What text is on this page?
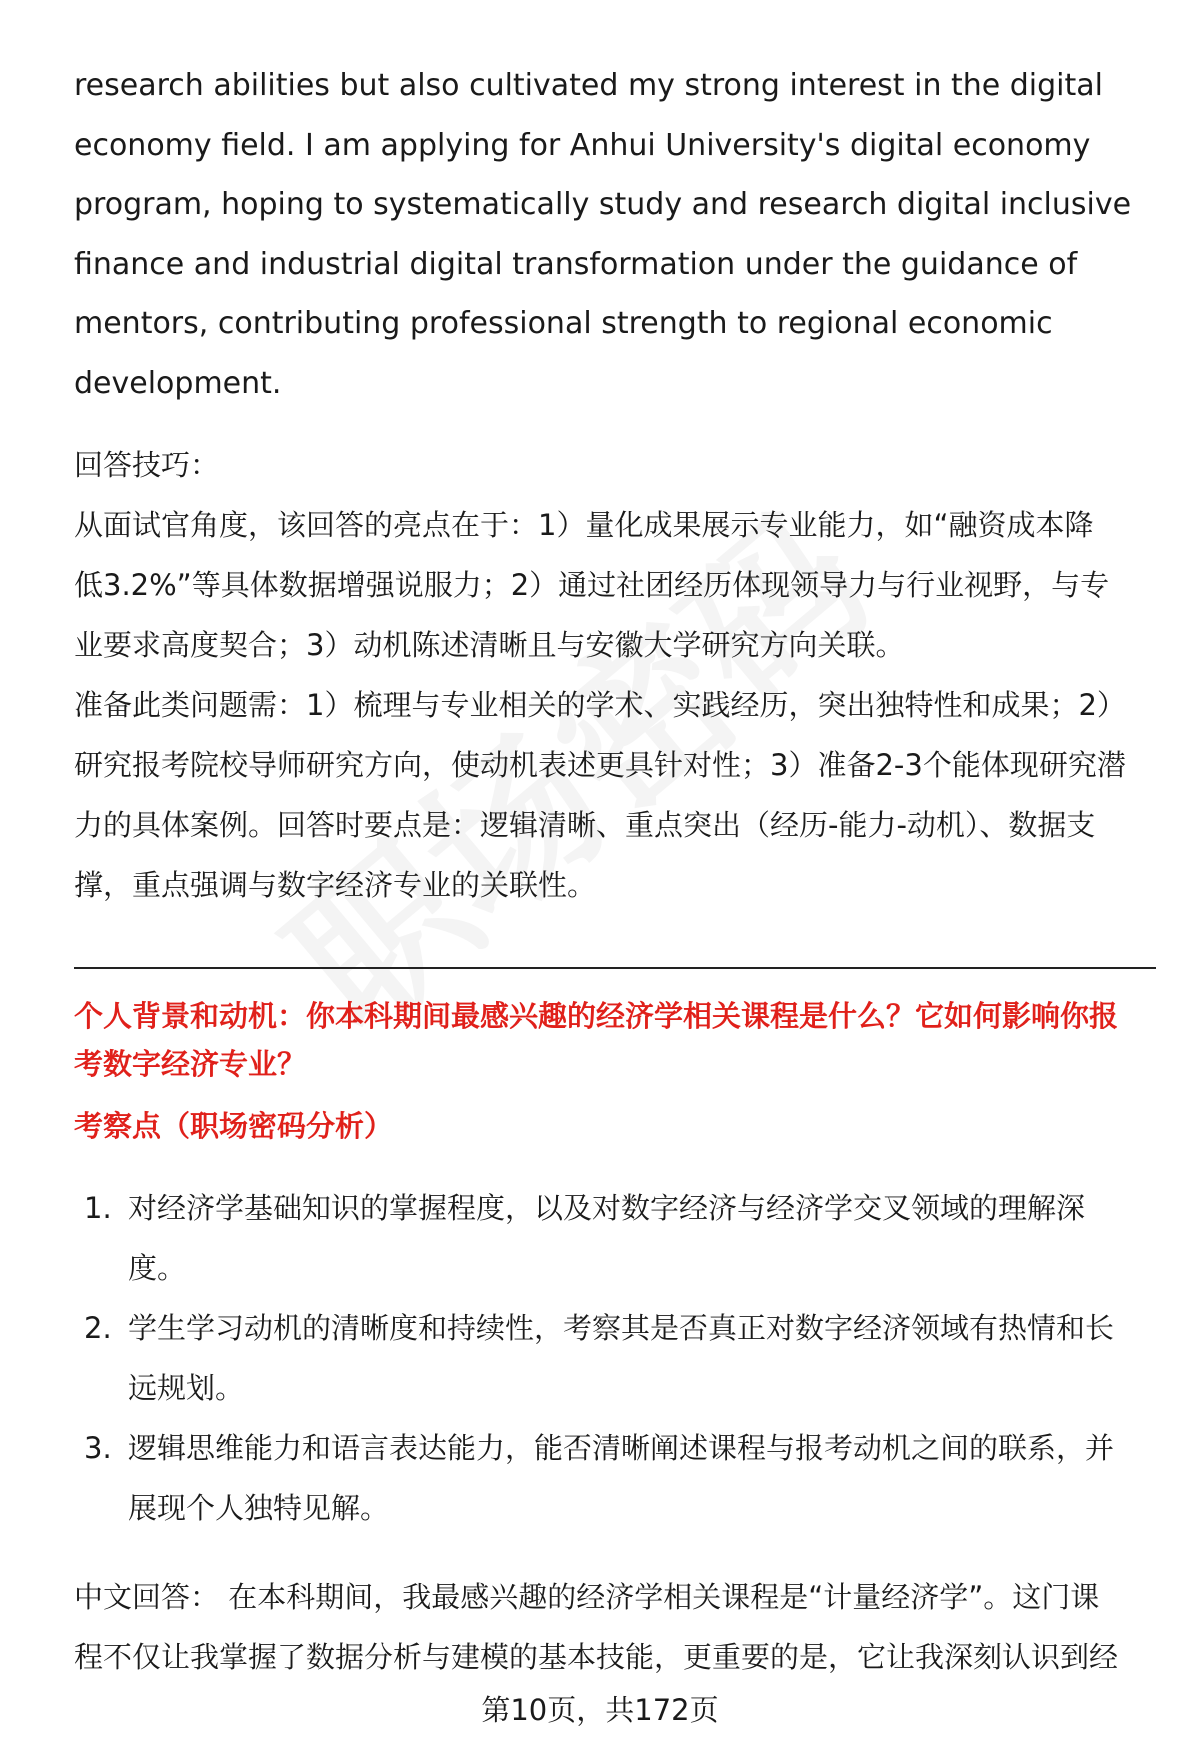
research abilities but also cultivated my strong interest in the digital
economy field. I am applying for Anhui University's digital economy
program, hoping to systematically study and research digital inclusive
finance and industrial digital transformation under the guidance of
mentors, contributing professional strength to regional economic
development.

回答技巧：
从面试官角度，该回答的亮点在于：1）量化成果展示专业能力，如“融资成本降
低3.2%”等具体数据增强说服力；2）通过社团经历体现领导力与行业视野，与专
业要求高度契合；3）动机陈述清晰且与安徽大学研究方向关联。
准备此类问题需：1）梳理与专业相关的学术、实践经历，突出独特性和成果；2）
研究报考院校导师研究方向，使动机表述更具针对性；3）准备2-3个能体现研究潜
力的具体案例。回答时要点是：逻辑清晰、重点突出（经历-能力-动机）、数据支
撑，重点强调与数字经济专业的关联性。
个人背景和动机：你本科期间最感兴趣的经济学相关课程是什么？它如何影响你报
考数字经济专业？
考察点（职场密码分析）
1. 对经济学基础知识的掌握程度，以及对数字经济与经济学交叉领域的理解深
度。
2. 学生学习动机的清晰度和持续性，考察其是否真正对数字经济领域有热情和长
远规划。
3. 逻辑思维能力和语言表达能力，能否清晰阐述课程与报考动机之间的联系，并
展现个人独特见解。
中文回答： 在本科期间，我最感兴趣的经济学相关课程是“计量经济学”。这门课
程不仅让我掌握了数据分析与建模的基本技能，更重要的是，它让我深刻认识到经
第10页，共172页
